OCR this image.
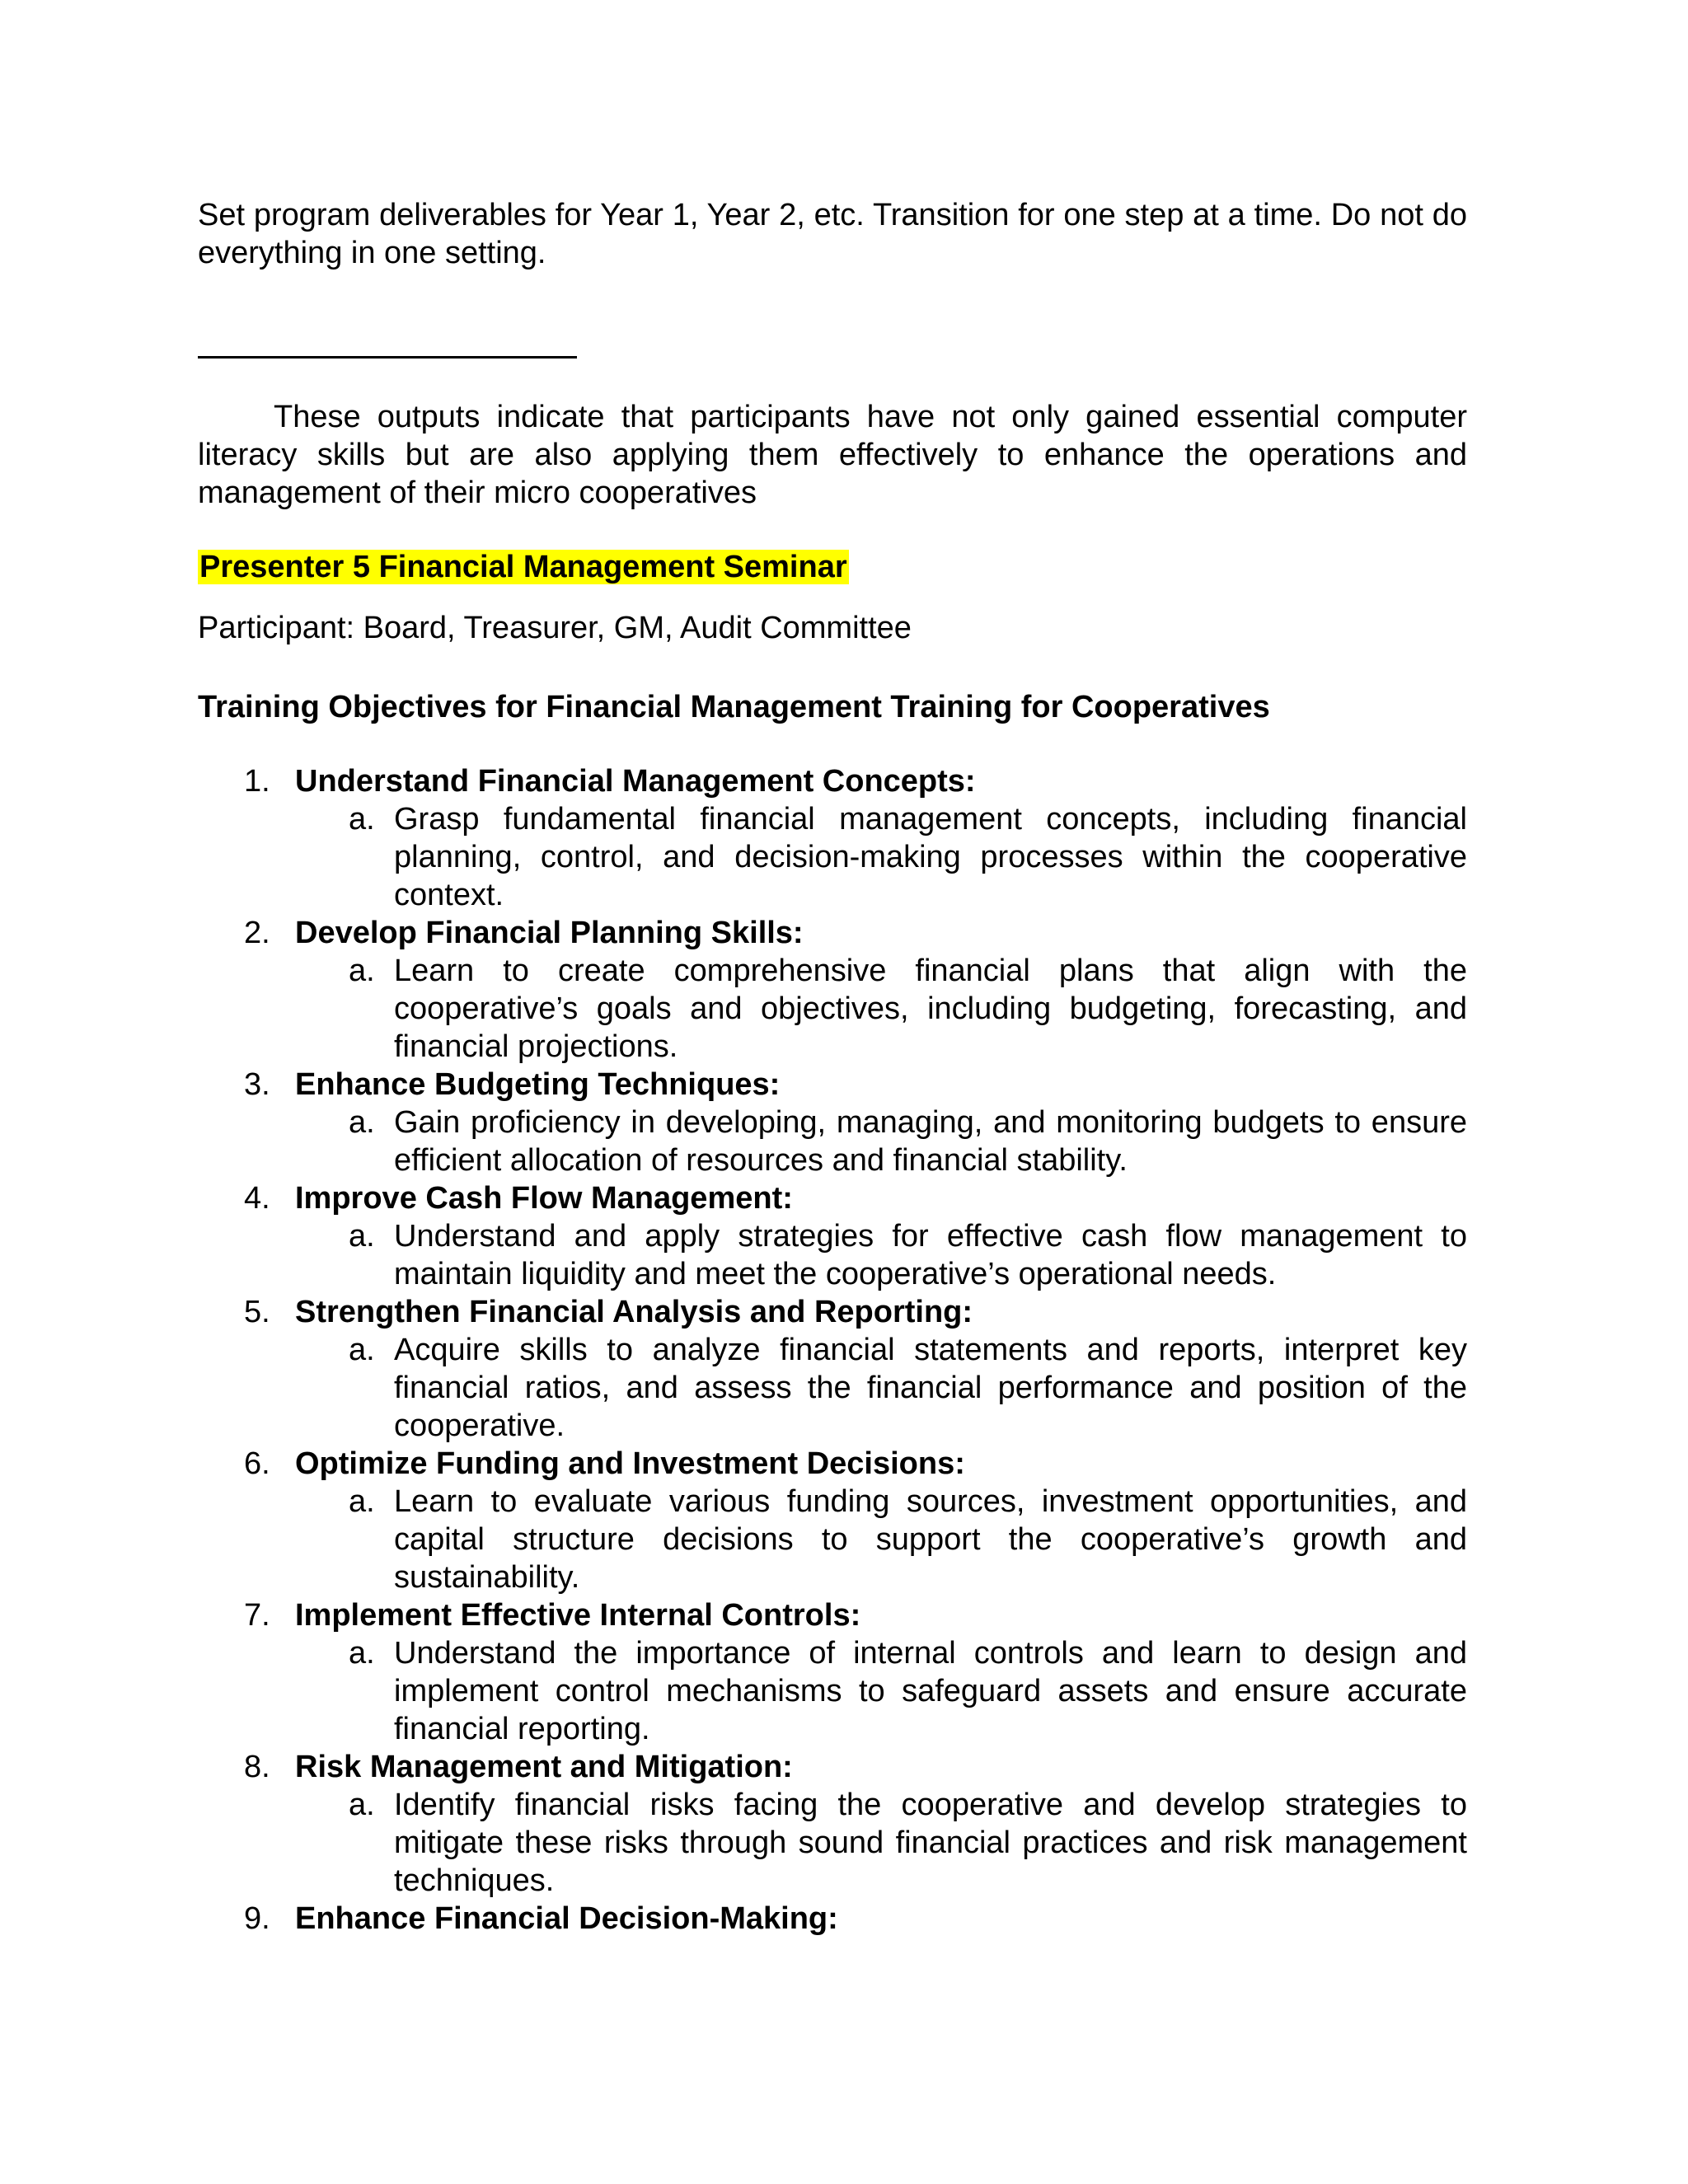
Set program deliverables for Year 1, Year 2, etc. Transition for one step at a time. Do not do everything in one setting.

These outputs indicate that participants have not only gained essential computer literacy skills but are also applying them effectively to enhance the operations and management of their micro cooperatives

Presenter 5 Financial Management Seminar

Participant: Board, Treasurer, GM, Audit Committee

Training Objectives for Financial Management Training for Cooperatives

1. Understand Financial Management Concepts:
a. Grasp fundamental financial management concepts, including financial planning, control, and decision-making processes within the cooperative context.
2. Develop Financial Planning Skills:
a. Learn to create comprehensive financial plans that align with the cooperative’s goals and objectives, including budgeting, forecasting, and financial projections.
3. Enhance Budgeting Techniques:
a. Gain proficiency in developing, managing, and monitoring budgets to ensure efficient allocation of resources and financial stability.
4. Improve Cash Flow Management:
a. Understand and apply strategies for effective cash flow management to maintain liquidity and meet the cooperative’s operational needs.
5. Strengthen Financial Analysis and Reporting:
a. Acquire skills to analyze financial statements and reports, interpret key financial ratios, and assess the financial performance and position of the cooperative.
6. Optimize Funding and Investment Decisions:
a. Learn to evaluate various funding sources, investment opportunities, and capital structure decisions to support the cooperative’s growth and sustainability.
7. Implement Effective Internal Controls:
a. Understand the importance of internal controls and learn to design and implement control mechanisms to safeguard assets and ensure accurate financial reporting.
8. Risk Management and Mitigation:
a. Identify financial risks facing the cooperative and develop strategies to mitigate these risks through sound financial practices and risk management techniques.
9. Enhance Financial Decision-Making:
